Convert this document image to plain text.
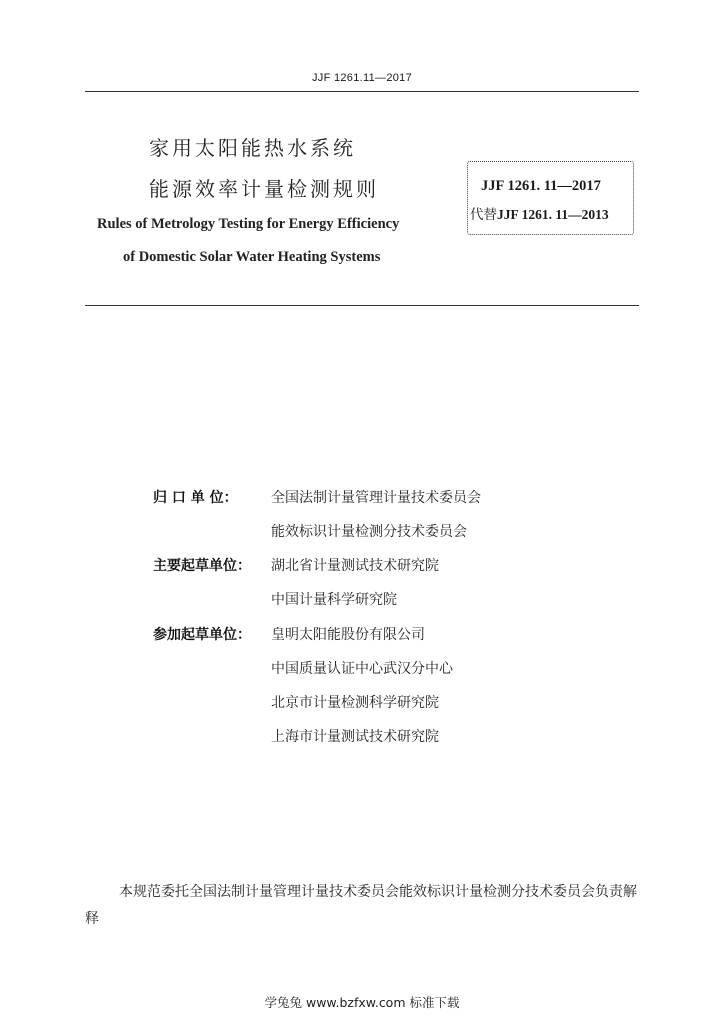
JJF 1261.11—2017
家用太阳能热水系统
能源效率计量检测规则
Rules of Metrology Testing for Energy Efficiency
of Domestic Solar Water Heating Systems
JJF 1261. 11—2017
代替JJF 1261. 11—2013
归 口 单 位： 全国法制计量管理计量技术委员会
能效标识计量检测分技术委员会
主要起草单位： 湖北省计量测试技术研究院
中国计量科学研究院
参加起草单位： 皇明太阳能股份有限公司
中国质量认证中心武汉分中心
北京市计量检测科学研究院
上海市计量测试技术研究院
本规范委托全国法制计量管理计量技术委员会能效标识计量检测分技术委员会负责解释
学兔兔 www.bzfxw.com 标准下载
